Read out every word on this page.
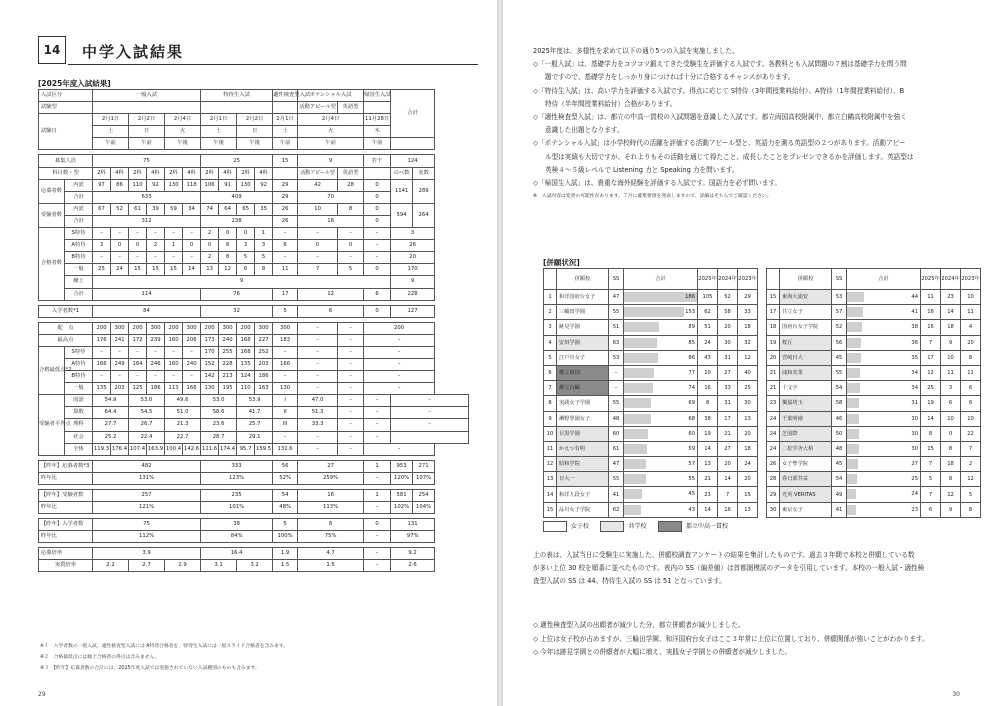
14	中学入試結果
[2025年度入試結果]
入試区分		一般入試						特待生入試				適性検査型入試	ポテンシャル入試		帰国生入試	合計	
試験型													活動アピール型	英語型			
試験日		2月1日		2月2日		2月4日		2月1日		2月2日		2月1日	2月4日		11月28日		
		土		日		火		土		日		土	火		木		
		午前		午前		午後		午後		午後		午前	午前		午前		

募集人員		75						25				15	9		若干	124	
科目数・型		2科	4科	2科	4科	2科	4科	2科	4科	2科	4科		活動アピール型	英語型		のべ数	実数
応募者数	内訳	97	86	110	92	130	118	106	91	130	92	29	42	28	0	1141	289
	合計	633						409				29	70		0		
受験者数	内訳	67	52	61	39	59	34	74	64	65	35	26	10	8	0	594	264
	合計	312						238				26	18		0		
合格者数	S特待	–	–	–	–	–	–	2	0	0	1	–	–	–	–	3	
	A特待	3	0	0	2	1	0	0	8	3	3	6	0	0	–	26	
	B特待	–	–	–	–	–	–	2	8	5	5	–	–	–	–	20	
	一般	25	24	15	15	15	14	13	12	6	8	11	7	5	0	170	
	繰上	9														9	
	合計	114						76				17	12		6	228	

入学者数*1		84						32				5	6		0	127	

配　点		200	300	200	300	200	300	200	300	200	300	300	–	–	200		
最高点		176	241	172	239	160	206	173	240	168	227	183	–	–	–		
合格最低点*2	S特待	–	–	–	–	–	–	170	255	168	252	–	–	–	–		
	A特待	166	249	164	246	160	240	152	228	135	203	166	–	–	–		
	B特待	–	–	–	–	–	–	142	213	124	186	–	–	–	–		
	一般	135	203	125	186	113	166	130	195	110	163	130	–	–	–		
受験者平均点	国語	54.9		53.0		49.6		53.0		53.9		I	47.0	–	–	–	
	算数	64.4		54.5		51.0		58.6		41.7		II	51.3	–	–	–	
	理科	27.7		26.7		21.3		23.6		25.7		III	33.3	–	–	–	
	社会	25.2		22.4		22.7		28.7		29.1		–	–	–	–		
	全体	119.3	176.4	107.4	163.9	100.4	142.6	111.6	174.4	95.7	159.5	131.6	–	–	–		

【昨年】応募者数*3		482						333				56	27		1	953	271
昨年比		131%						123%				52%	259%		–	120%	107%

【昨年】受験者数		257						235				54	16		1	581	254
昨年比		121%						101%				48%	113%		–	102%	104%

【昨年】入学者数		75						38				5	8		0	131	
昨年比		112%						84%				100%	75%		–	97%	

応募倍率		3.9						16.4				1.9	4.7		–	9.2	
実質倍率		2.2		2.7		2.9		3.1		3.2		1.5	1.5		–	2.6	
※１　入学者数の一般入試、適性検査型入試には A特待合格者を、特待生入試には一般スライド合格者を含みます。
※２　合格最低点には繰上合格者の得点は含みません。
※３　【昨年】応募者数の合計には、2025年度入試では実施されていない入試種別のものも含みます。
29

2025年度は、多様性を求めて以下の通り5つの入試を実施しました。

◇「一般入試」は、基礎学力をコツコツ鍛えてきた受験生を評価する入試です。各教科とも入試問題の７割は基礎学力を問う問

題ですので、基礎学力をしっかり身につければ十分に合格するチャンスがあります。

◇「特待生入試」は、高い学力を評価する入試です。得点に応じて S特待（3年間授業料給付）、A特待（1年間授業料給付）、B

特待（半年間授業料給付）合格があります。

◇「適性検査型入試」は、都立の中高一貫校の入試問題を意識した入試です。都立両国高校附属中、都立白鷗高校附属中を強く

意識した出題となります。

◇「ポテンシャル入試」は小学校時代の活躍を評価する活動アピール型と、英語力を測る英語型の２つがあります。活動アピー

ル型は実績も大切ですが、それよりもその活動を通じて得たこと、成長したことをプレゼンできるかを評価します。英語型は

英検４～５級レベルで Listening 力と Speaking 力を問います。

◇「帰国生入試」は、貴重な海外経験を評価する入試です。国語力を必ず問います。

※　入試内容は変更の可能性があります。７月に募集要項を発表しますので、詳細はそちらでご確認ください。

[併願状況]
	併願校	SS	合計	2025年	2024年	2023年
1	和洋国府台女子	47	186	105	52	29
2	三輪田学園	55	153	62	58	33
3	跡見学園	51	89	51	20	18
4	安田学園	63	85	24	30	32
5	江戸川女子	53	86	43	31	12
6	都立両国	–	77	10	27	40
7	都立白鷗	–	74	16	33	25
8	実践女子学園	55	69	8	31	30
9	瀬野學園女子	48	68	38	17	13
10	目黒学園	60	60	19	21	20
11	かえつ有明	61	59	14	27	18
12	昭和学院	47	57	13	20	24
13	日大一	55	55	21	14	20
14	和洋九段女子	41	45	23	7	15
15	品川女子学院	62	43	14	16	13
	併願校	SS	合計	2025年	2024年	2023年
15	東海大浦安	53	44	11	23	10
17	共立女子	57	41	16	14	11
18	国府台女子学院	52	38	16	18	4
19	桜丘	56	36	7	9	20
20	宮崎日大	45	35	17	10	8
21	浦和実業	55	34	12	11	11
21	十文字	54	34	25	3	6
23	獨協埼玉	58	31	19	6	6
24	千葉明徳	46	30	14	10	10
24	芝国際	50	30	8	0	22
24	二松学舎大柏	48	30	15	8	7
26	女子聖学院	45	27	7	18	2
28	春日部共栄	54	25	5	8	12
29	光英 VERITAS	49	24	7	12	5
30	東京女子	41	23	6	9	8
女子校	共学校	都立中高一貫校

上の表は、入試当日に受験生に実施した、併願校調査アンケートの結果を集計したものです。過去３年間で本校と併願している数

が多い上位 30 校を順番に並べたものです。表内の SS（偏差値）は首都圏模試のデータを引用しています。本校の一般入試・適性検

査型入試の SS は 44、特待生入試の SS は 51 となっています。

◇ 適性検査型入試の出願者が減少した分、都立併願者が減少しました。

◇ 上位は女子校が占めますが、三輪田学園、和洋国府台女子はここ３年常に上位に位置しており、併願関係が強いことがわかります。

◇ 今年は跡見学園との併願者が大幅に増え、実践女子学園との併願者が減少しました。

30
